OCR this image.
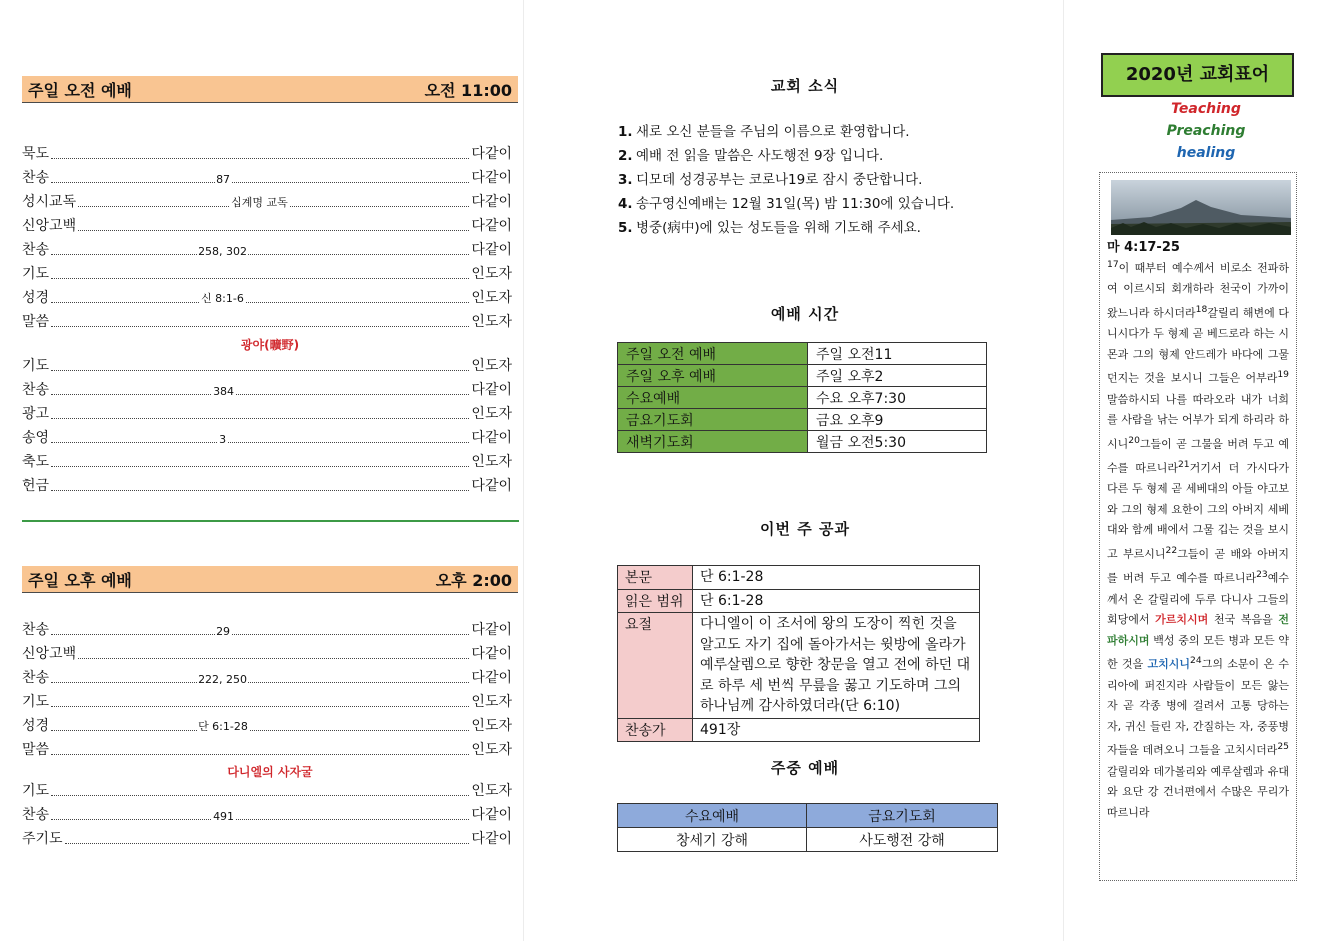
주일 오전 예배	오전 11:00
묵도	다같이
찬송	87	다같이
성시교독	십계명 교독	다같이
신앙고백	다같이
찬송	258, 302	다같이
기도	인도자
성경	신 8:1-6	인도자
말씀	인도자
광야(曠野)
기도	인도자
찬송	384	다같이
광고	인도자
송영	3	다같이
축도	인도자
헌금	다같이
주일 오후 예배	오후 2:00
찬송	29	다같이
신앙고백	다같이
찬송	222, 250	다같이
기도	인도자
성경	단 6:1-28	인도자
말씀	인도자
다니엘의 사자굴
기도	인도자
찬송	491	다같이
주기도	다같이
교회 소식
1. 새로 오신 분들을 주님의 이름으로 환영합니다.
2. 예배 전 읽을 말씀은 사도행전 9장 입니다.
3. 디모데 성경공부는 코로나19로 잠시 중단합니다.
4. 송구영신예배는 12월 31일(목) 밤 11:30에 있습니다.
5. 병중(病中)에 있는 성도들을 위해 기도해 주세요.
예배 시간
주일 오전 예배	주일 오전11
주일 오후 예배	주일 오후2
수요예배	수요 오후7:30
금요기도회	금요 오후9
새벽기도회	월금 오전5:30
이번 주 공과
본문	단 6:1-28
읽은 범위	단 6:1-28
요절	다니엘이 이 조서에 왕의 도장이 찍힌 것을 알고도 자기 집에 돌아가서는 윗방에 올라가 예루살렘으로 향한 창문을 열고 전에 하던 대로 하루 세 번씩 무릎을 꿇고 기도하며 그의 하나님께 감사하였더라(단 6:10)
찬송가	491장
주중 예배
수요예배	금요기도회
창세기 강해	사도행전 강해
2020년 교회표어
Teaching
Preaching
healing
마 4:17-25
$^{17}$이 때부터 예수께서 비로소 전파하여 이르시되 회개하라 천국이 가까이 왔느니라 하시더라$^{18}$갈릴리 해변에 다니시다가 두 형제 곧 베드로라 하는 시몬과 그의 형제 안드레가 바다에 그물 던지는 것을 보시니 그들은 어부라$^{19}$말씀하시되 나를 따라오라 내가 너희를 사람을 낚는 어부가 되게 하리라 하시니$^{20}$그들이 곧 그물을 버려 두고 예수를 따르니라$^{21}$거기서 더 가시다가 다른 두 형제 곧 세베대의 아들 야고보와 그의 형제 요한이 그의 아버지 세베대와 함께 배에서 그물 깁는 것을 보시고 부르시니$^{22}$그들이 곧 배와 아버지를 버려 두고 예수를 따르니라$^{23}$예수께서 온 갈릴리에 두루 다니사 그들의 회당에서 가르치시며 천국 복음을 전파하시며 백성 중의 모든 병과 모든 약한 것을 고치시니$^{24}$그의 소문이 온 수리아에 퍼진지라 사람들이 모든 앓는 자 곧 각종 병에 걸려서 고통 당하는 자, 귀신 들린 자, 간질하는 자, 중풍병자들을 데려오니 그들을 고치시더라$^{25}$갈릴리와 데가볼리와 예루살렘과 유대와 요단 강 건너편에서 수많은 무리가 따르니라
